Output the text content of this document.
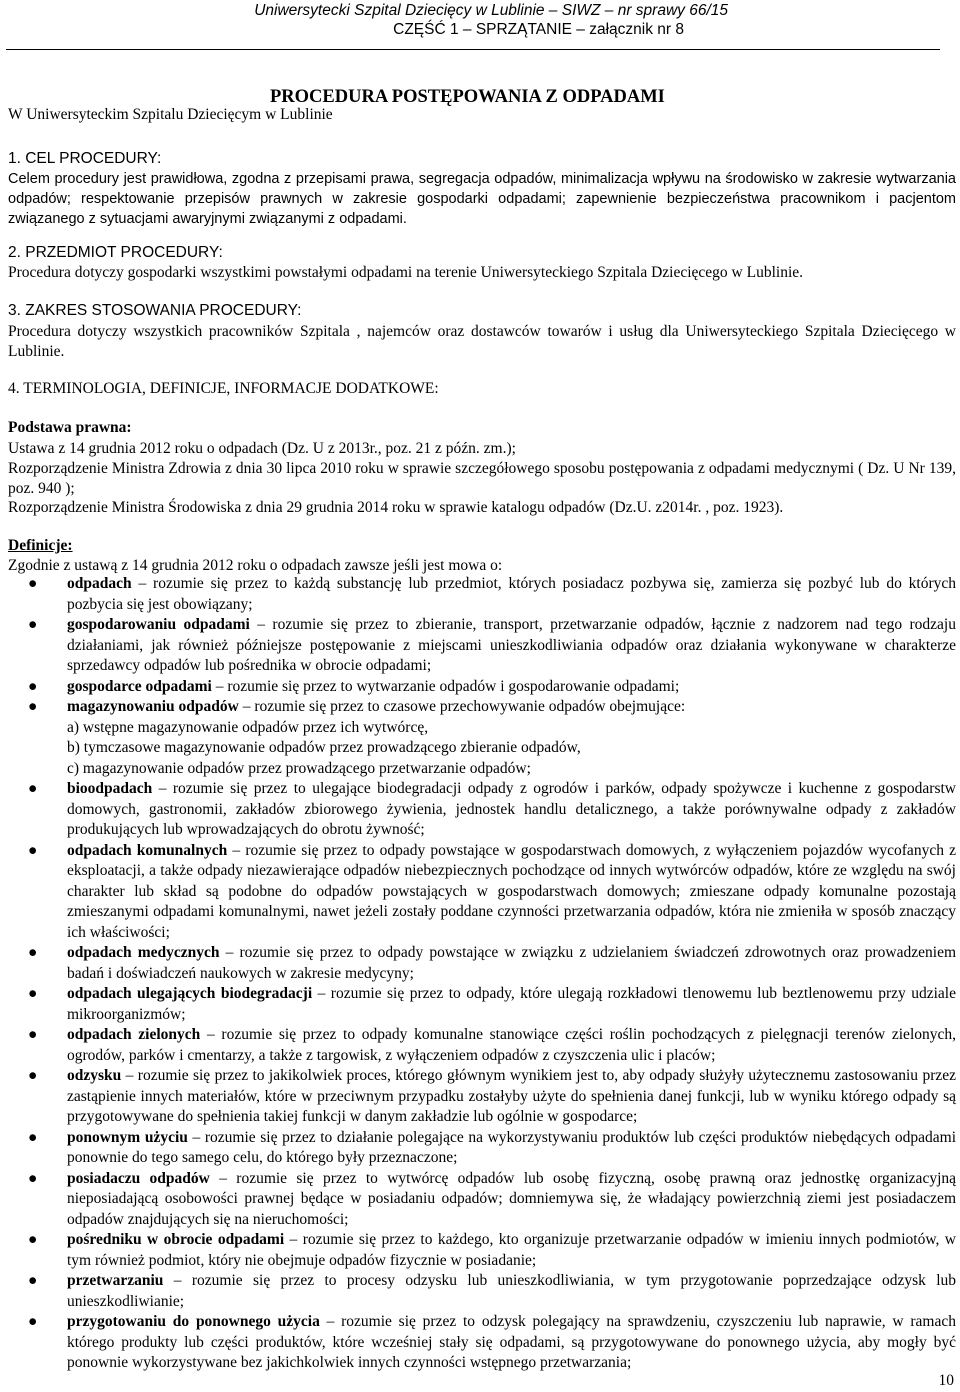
Uniwersytecki Szpital Dziecięcy w Lublinie – SIWZ – nr sprawy 66/15
CZĘŚĆ 1 – SPRZĄTANIE – załącznik nr 8
PROCEDURA POSTĘPOWANIA Z ODPADAMI
W Uniwersyteckim Szpitalu Dziecięcym w Lublinie
1. CEL PROCEDURY:
Celem procedury jest prawidłowa, zgodna z przepisami prawa, segregacja odpadów, minimalizacja wpływu na środowisko w zakresie wytwarzania odpadów; respektowanie przepisów prawnych w zakresie gospodarki odpadami; zapewnienie bezpieczeństwa pracownikom i pacjentom związanego z sytuacjami awaryjnymi związanymi z odpadami.
2. PRZEDMIOT PROCEDURY:
Procedura dotyczy gospodarki wszystkimi powstałymi odpadami na terenie Uniwersyteckiego Szpitala Dziecięcego w Lublinie.
3. ZAKRES STOSOWANIA PROCEDURY:
Procedura dotyczy wszystkich pracowników Szpitala , najemców oraz dostawców towarów i usług dla Uniwersyteckiego Szpitala Dziecięcego w Lublinie.
4. TERMINOLOGIA, DEFINICJE, INFORMACJE DODATKOWE:
Podstawa prawna:
Ustawa z 14 grudnia 2012 roku o odpadach (Dz. U z 2013r., poz. 21 z późn. zm.);
Rozporządzenie Ministra Zdrowia z dnia 30 lipca 2010 roku w sprawie szczegółowego sposobu postępowania z odpadami medycznymi ( Dz. U Nr 139, poz. 940 );
Rozporządzenie Ministra Środowiska z dnia 29 grudnia 2014 roku w sprawie katalogu odpadów (Dz.U. z2014r. , poz. 1923).
Definicje:
Zgodnie z ustawą z 14 grudnia 2012 roku o odpadach zawsze jeśli jest mowa o:
● odpadach – rozumie się przez to każdą substancję lub przedmiot, których posiadacz pozbywa się, zamierza się pozbyć lub do których pozbycia się jest obowiązany;
● gospodarowaniu odpadami – rozumie się przez to zbieranie, transport, przetwarzanie odpadów, łącznie z nadzorem nad tego rodzaju działaniami, jak również późniejsze postępowanie z miejscami unieszkodliwiania odpadów oraz działania wykonywane w charakterze sprzedawcy odpadów lub pośrednika w obrocie odpadami;
● gospodarce odpadami – rozumie się przez to wytwarzanie odpadów i gospodarowanie odpadami;
● magazynowaniu odpadów – rozumie się przez to czasowe przechowywanie odpadów obejmujące:
a) wstępne magazynowanie odpadów przez ich wytwórcę,
b) tymczasowe magazynowanie odpadów przez prowadzącego zbieranie odpadów,
c) magazynowanie odpadów przez prowadzącego przetwarzanie odpadów;
● bioodpadach – rozumie się przez to ulegające biodegradacji odpady z ogrodów i parków, odpady spożywcze i kuchenne z gospodarstw domowych, gastronomii, zakładów zbiorowego żywienia, jednostek handlu detalicznego, a także porównywalne odpady z zakładów produkujących lub wprowadzających do obrotu żywność;
● odpadach komunalnych – rozumie się przez to odpady powstające w gospodarstwach domowych, z wyłączeniem pojazdów wycofanych z eksploatacji, a także odpady niezawierające odpadów niebezpiecznych pochodzące od innych wytwórców odpadów, które ze względu na swój charakter lub skład są podobne do odpadów powstających w gospodarstwach domowych; zmieszane odpady komunalne pozostają zmieszanymi odpadami komunalnymi, nawet jeżeli zostały poddane czynności przetwarzania odpadów, która nie zmieniła w sposób znaczący ich właściwości;
● odpadach medycznych – rozumie się przez to odpady powstające w związku z udzielaniem świadczeń zdrowotnych oraz prowadzeniem badań i doświadczeń naukowych w zakresie medycyny;
● odpadach ulegających biodegradacji – rozumie się przez to odpady, które ulegają rozkładowi tlenowemu lub beztlenowemu przy udziale mikroorganizmów;
● odpadach zielonych – rozumie się przez to odpady komunalne stanowiące części roślin pochodzących z pielęgnacji terenów zielonych, ogrodów, parków i cmentarzy, a także z targowisk, z wyłączeniem odpadów z czyszczenia ulic i placów;
● odzysku – rozumie się przez to jakikolwiek proces, którego głównym wynikiem jest to, aby odpady służyły użytecznemu zastosowaniu przez zastąpienie innych materiałów, które w przeciwnym przypadku zostałyby użyte do spełnienia danej funkcji, lub w wyniku którego odpady są przygotowywane do spełnienia takiej funkcji w danym zakładzie lub ogólnie w gospodarce;
● ponownym użyciu – rozumie się przez to działanie polegające na wykorzystywaniu produktów lub części produktów niebędących odpadami ponownie do tego samego celu, do którego były przeznaczone;
● posiadaczu odpadów – rozumie się przez to wytwórcę odpadów lub osobę fizyczną, osobę prawną oraz jednostkę organizacyjną nieposiadającą osobowości prawnej będące w posiadaniu odpadów; domniemywa się, że władający powierzchnią ziemi jest posiadaczem odpadów znajdujących się na nieruchomości;
● pośredniku w obrocie odpadami – rozumie się przez to każdego, kto organizuje przetwarzanie odpadów w imieniu innych podmiotów, w tym również podmiot, który nie obejmuje odpadów fizycznie w posiadanie;
● przetwarzaniu – rozumie się przez to procesy odzysku lub unieszkodliwiania, w tym przygotowanie poprzedzające odzysk lub unieszkodliwianie;
● przygotowaniu do ponownego użycia – rozumie się przez to odzysk polegający na sprawdzeniu, czyszczeniu lub naprawie, w ramach którego produkty lub części produktów, które wcześniej stały się odpadami, są przygotowywane do ponownego użycia, aby mogły być ponownie wykorzystywane bez jakichkolwiek innych czynności wstępnego przetwarzania;
10
